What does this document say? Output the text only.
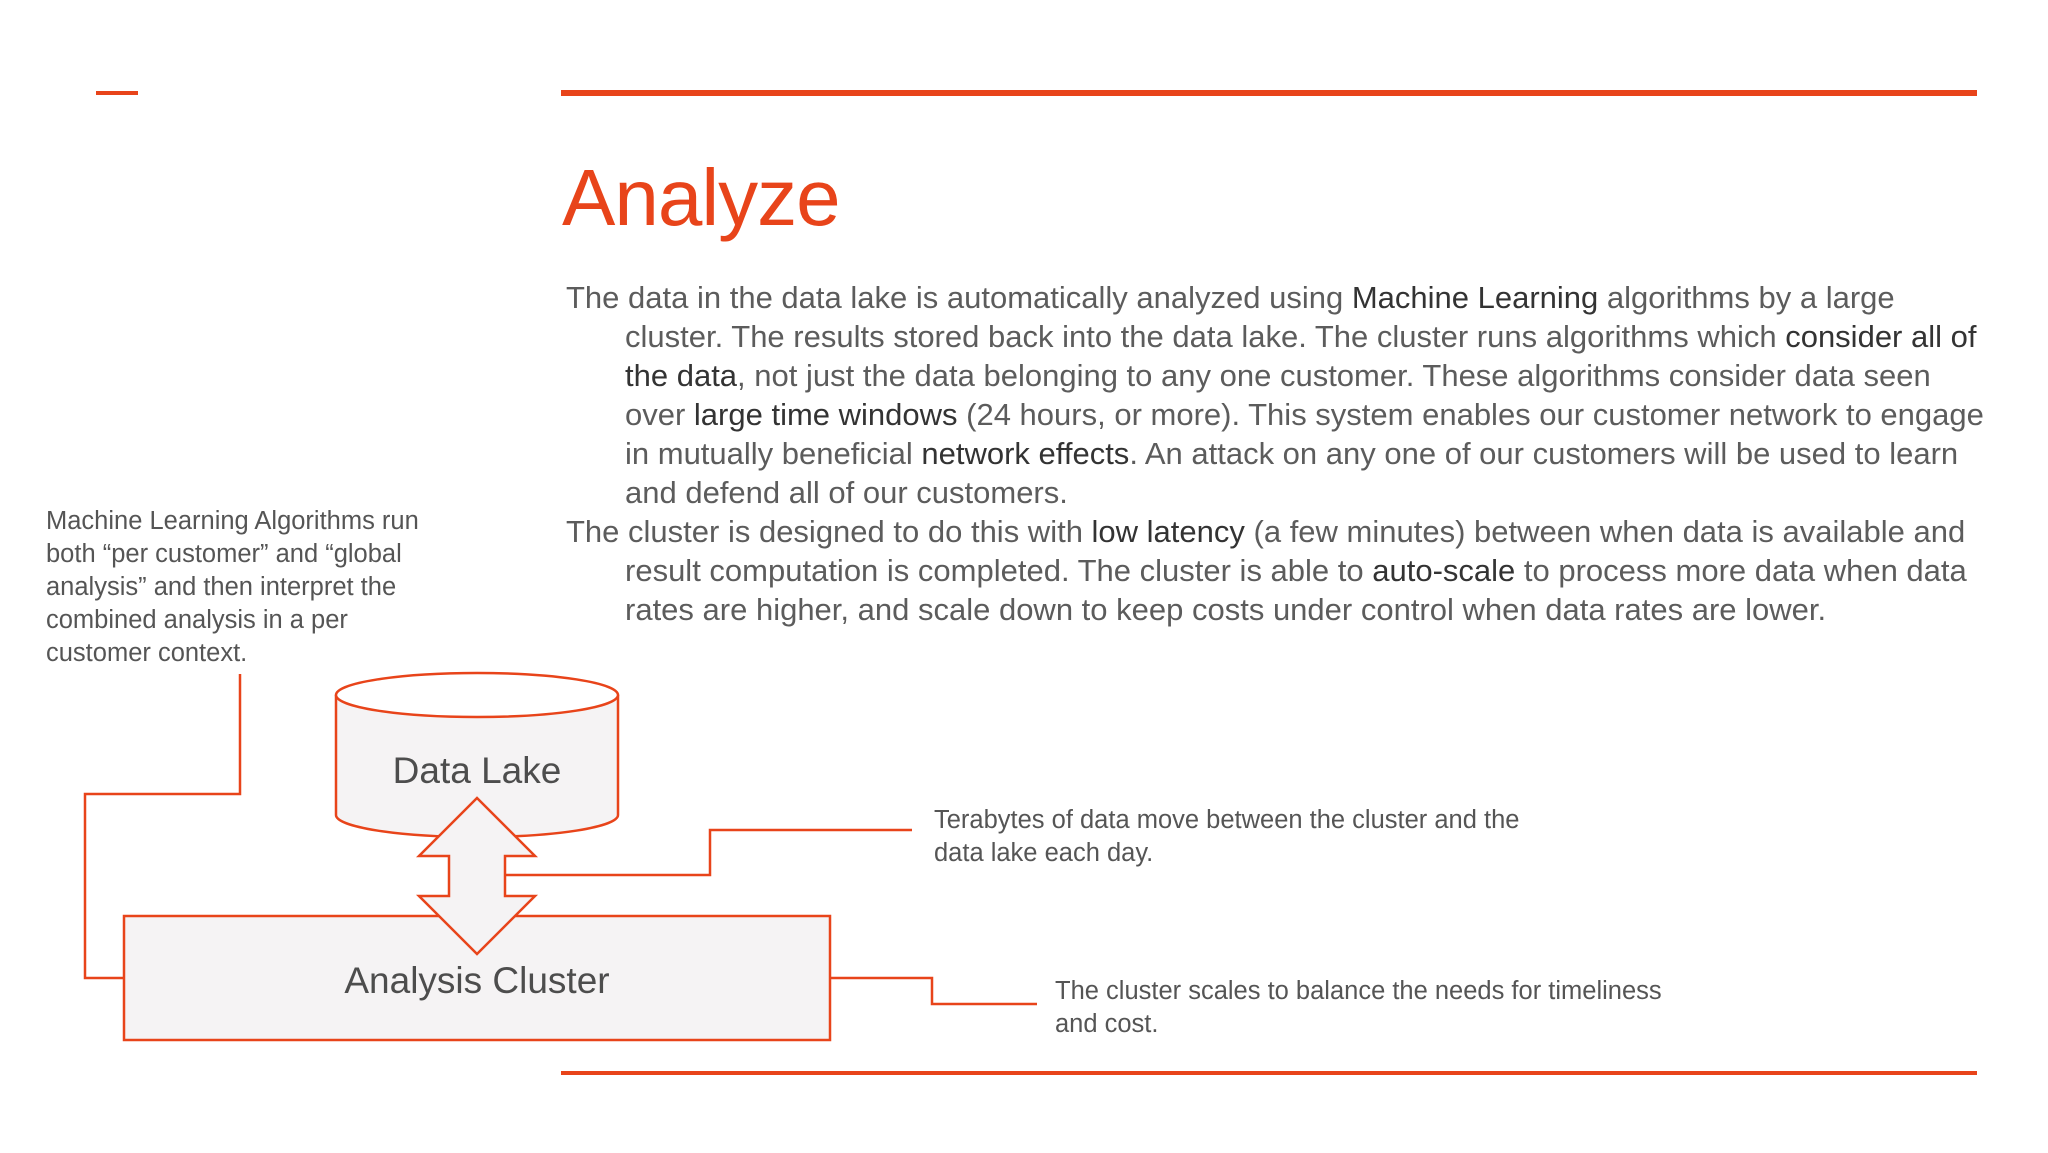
Analyze

The data in the data lake is automatically analyzed using Machine Learning algorithms by a large cluster. The results stored back into the data lake. The cluster runs algorithms which consider all of the data, not just the data belonging to any one customer. These algorithms consider data seen over large time windows (24 hours, or more). This system enables our customer network to engage in mutually beneficial network effects. An attack on any one of our customers will be used to learn and defend all of our customers.

The cluster is designed to do this with low latency (a few minutes) between when data is available and result computation is completed. The cluster is able to auto-scale to process more data when data rates are higher, and scale down to keep costs under control when data rates are lower.

Analysis Cluster
Data Lake
Machine Learning Algorithms run both “per customer” and “global analysis” and then interpret the combined analysis in a per customer context.
Terabytes of data move between the cluster and the data lake each day.
The cluster scales to balance the needs for timeliness and cost.
